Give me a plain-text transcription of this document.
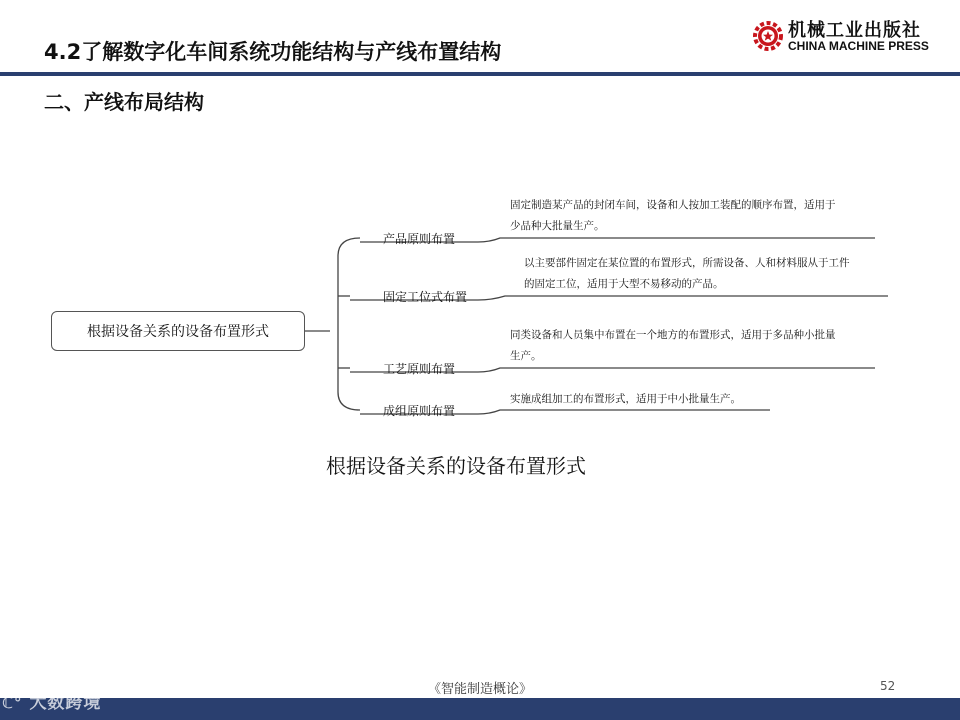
4.2了解数字化车间系统功能结构与产线布置结构
二、产线布局结构
机械工业出版社
CHINA MACHINE PRESS
根据设备关系的设备布置形式
产品原则布置
固定工位式布置
工艺原则布置
成组原则布置
固定制造某产品的封闭车间，设备和人按加工装配的顺序布置，适用于
少品种大批量生产。
以主要部件固定在某位置的布置形式，所需设备、人和材料服从于工件
的固定工位，适用于大型不易移动的产品。
同类设备和人员集中布置在一个地方的布置形式，适用于多品种小批量
生产。
实施成组加工的布置形式，适用于中小批量生产。
根据设备关系的设备布置形式
《智能制造概论》	52
ℂ° 大数跨境
